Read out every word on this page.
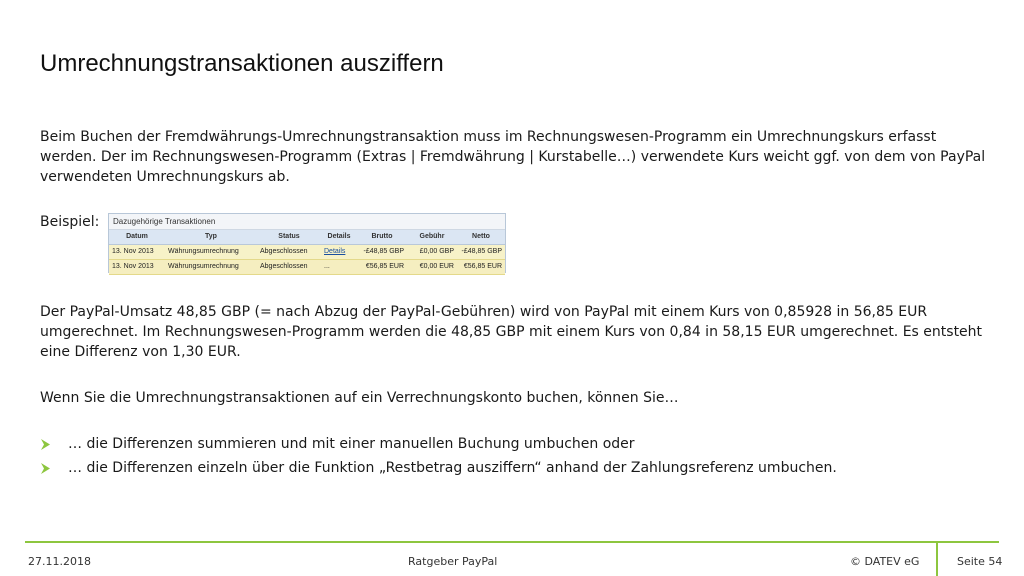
Umrechnungstransaktionen ausziffern

Beim Buchen der Fremdwährungs-Umrechnungstransaktion muss im Rechnungswesen-Programm ein Umrechnungskurs erfasst werden. Der im Rechnungswesen-Programm (Extras | Fremdwährung | Kurstabelle…) verwendete Kurs weicht ggf. von dem von PayPal verwendeten Umrechnungskurs ab.

Beispiel:	Dazugehörige Transaktionen
Datum	Typ	Status	Details	Brutto	Gebühr	Netto
13. Nov 2013	Währungsumrechnung	Abgeschlossen	Details	-£48,85 GBP	£0,00 GBP	-£48,85 GBP
13. Nov 2013	Währungsumrechnung	Abgeschlossen	...	€56,85 EUR	€0,00 EUR	€56,85 EUR

Der PayPal-Umsatz 48,85 GBP (= nach Abzug der PayPal-Gebühren) wird von PayPal mit einem Kurs von 0,85928 in 56,85 EUR umgerechnet. Im Rechnungswesen-Programm werden die 48,85 GBP mit einem Kurs von 0,84 in 58,15 EUR umgerechnet. Es entsteht eine Differenz von 1,30 EUR.

Wenn Sie die Umrechnungstransaktionen auf ein Verrechnungskonto buchen, können Sie…

… die Differenzen summieren und mit einer manuellen Buchung umbuchen oder
… die Differenzen einzeln über die Funktion „Restbetrag ausziffern“ anhand der Zahlungsreferenz umbuchen.
27.11.2018	Ratgeber PayPal	© DATEV eG	Seite 54
